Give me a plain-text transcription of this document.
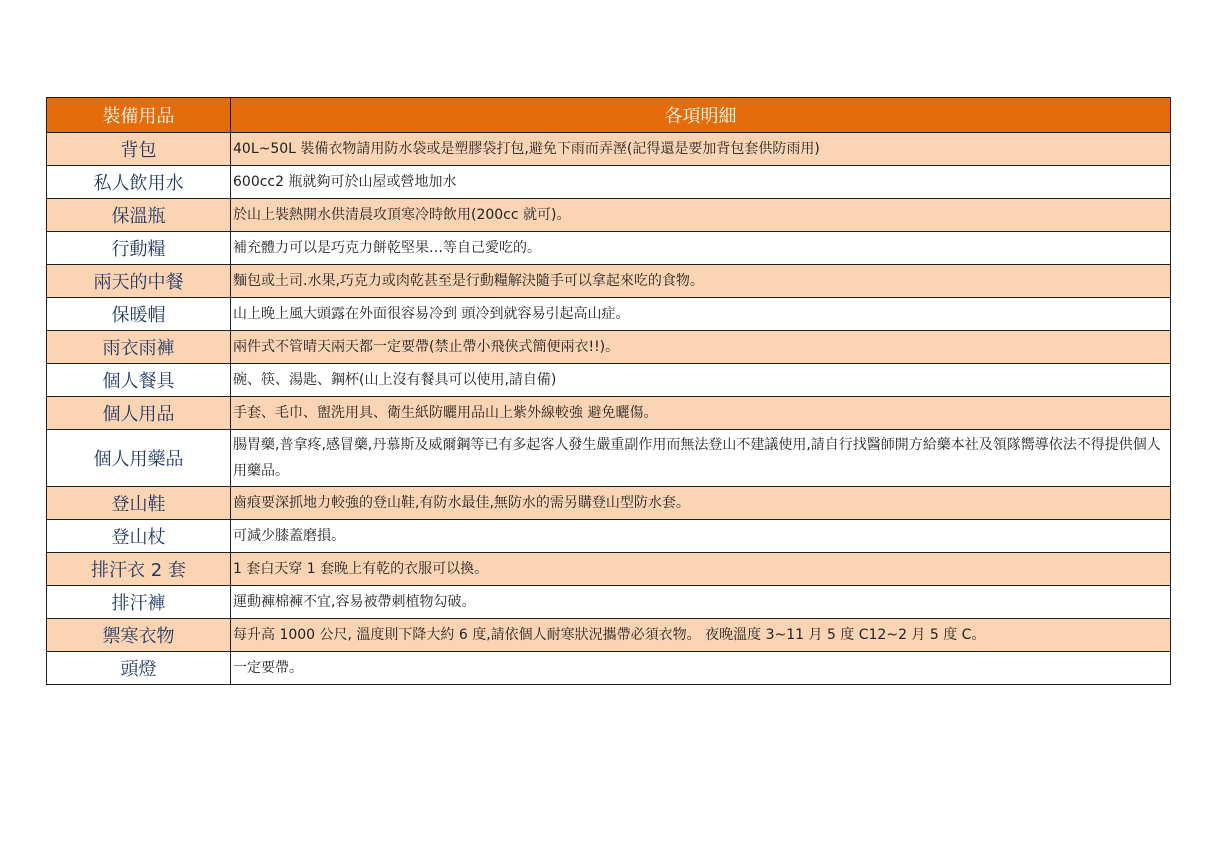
裝備用品	各項明細
背包	40L~50L 裝備衣物請用防水袋或是塑膠袋打包,避免下雨而弄溼(記得還是要加背包套供防雨用)
私人飲用水	600cc2 瓶就夠可於山屋或營地加水
保溫瓶	於山上裝熱開水供清晨攻頂寒冷時飲用(200cc 就可)。
行動糧	補充體力可以是巧克力餅乾堅果…等自己愛吃的。
兩天的中餐	麵包或土司.水果,巧克力或肉乾甚至是行動糧解決隨手可以拿起來吃的食物。
保暖帽	山上晚上風大頭露在外面很容易冷到 頭冷到就容易引起高山症。
雨衣雨褲	兩件式不管晴天兩天都一定要帶(禁止帶小飛俠式簡便兩衣!!)。
個人餐具	碗、筷、湯匙、鋼杯(山上沒有餐具可以使用,請自備)
個人用品	手套、毛巾、盥洗用具、衛生紙防曬用品山上紫外線較強 避免曬傷。
個人用藥品	腸胃藥,普拿疼,感冒藥,丹慕斯及威爾鋼等已有多起客人發生嚴重副作用而無法登山不建議使用,請自行找醫師開方給藥本社及領隊嚮導依法不得提供個人用藥品。
登山鞋	齒痕要深抓地力較強的登山鞋,有防水最佳,無防水的需另購登山型防水套。
登山杖	可減少膝蓋磨損。
排汗衣 2 套	1 套白天穿 1 套晚上有乾的衣服可以換。
排汗褲	運動褲棉褲不宜,容易被帶刺植物勾破。
禦寒衣物	每升高 1000 公尺, 溫度則下降大約 6 度,請依個人耐寒狀況攜帶必須衣物。 夜晚溫度 3~11 月 5 度 C12~2 月 5 度 C。
頭燈	一定要帶。
